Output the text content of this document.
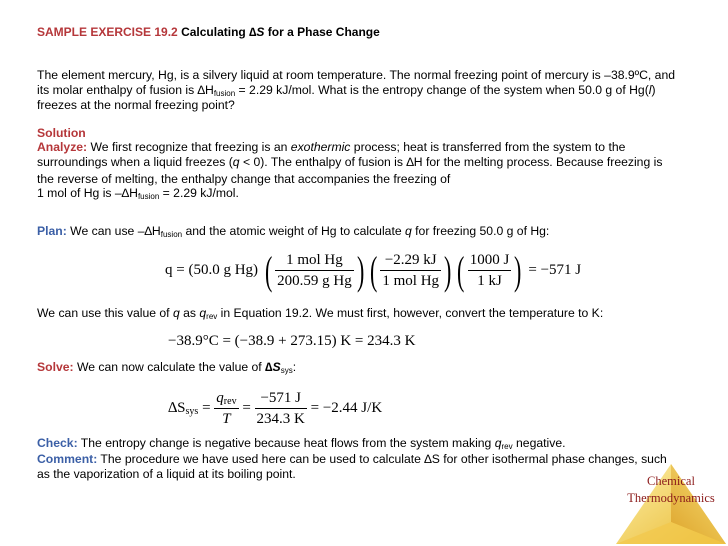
SAMPLE EXERCISE 19.2 Calculating ∆S for a Phase Change
The element mercury, Hg, is a silvery liquid at room temperature. The normal freezing point of mercury is –38.9ºC, and
its molar enthalpy of fusion is $\Delta H_{fusion} = 2.29$ kJ/mol. What is the entropy change of the system when 50.0 g of Hg(l)
freezes at the normal freezing point?
Solution
Analyze: We first recognize that freezing is an exothermic process; heat is transferred from the system to the
surroundings when a liquid freezes (q < 0). The enthalpy of fusion is ∆H for the melting process. Because freezing is
the reverse of melting, the enthalpy change that accompanies the freezing of
1 mol of Hg is $-\Delta H_{fusion} = 2.29$ kJ/mol.
Plan: We can use $-\Delta H_{fusion}$ and the atomic weight of Hg to calculate q for freezing 50.0 g of Hg:
q = (50.0 g Hg) ( $\frac{\text{1 mol Hg}}{\text{200.59 g Hg}}$ ) ( $\frac{-2.29 kJ}{\text{1 mol Hg}}$ ) ( $\frac{1000 J}{1 kJ}$ ) = −571 J
We can use this value of q as $q_{rev}$ in Equation 19.2. We must first, however, convert the temperature to K:
−38.9°C = (−38.9 + 273.15) K = 234.3 K
Solve: We can now calculate the value of $\Delta S_{sys}$:
$\Delta S_{sys} = \frac{q_{rev}}{T} = \frac{-571 J}{234.3 K} = -2.44$ J/K
Check: The entropy change is negative because heat flows from the system making $q_{rev}$ negative.
Comment: The procedure we have used here can be used to calculate ∆S for other isothermal phase changes, such
as the vaporization of a liquid at its boiling point.	Chemical
Thermodynamics
